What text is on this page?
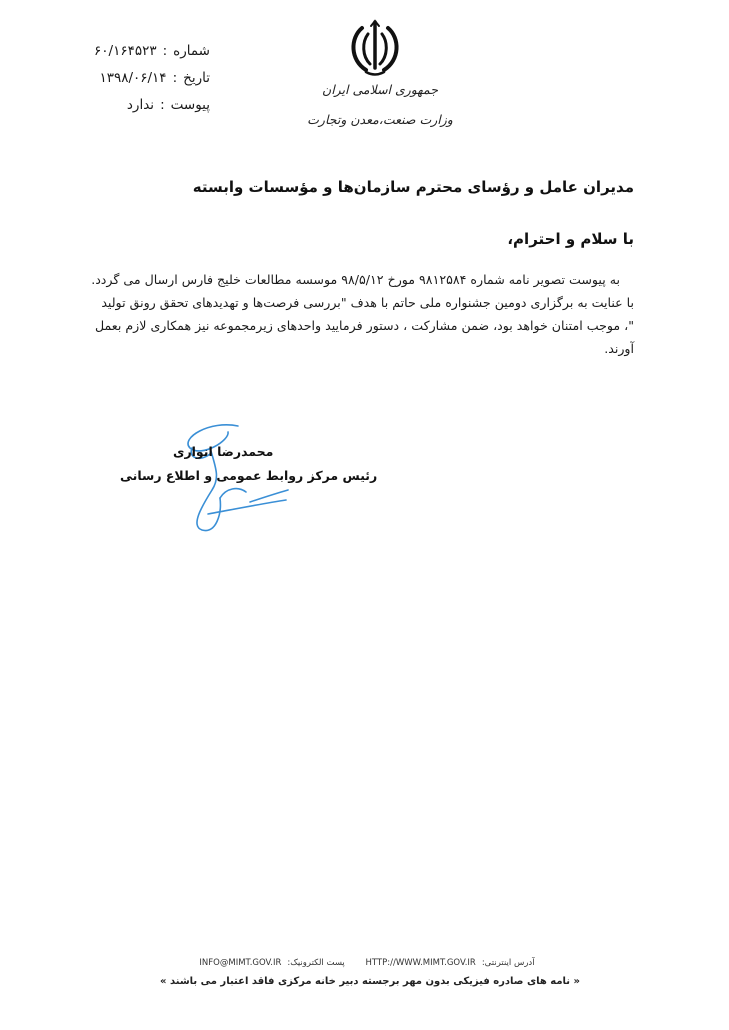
شماره
:
۶۰/۱۶۴۵۲۳
تاریخ
:
۱۳۹۸/۰۶/۱۴
پیوست
:
ندارد
جمهوری اسلامی ایران
وزارت صنعت،معدن وتجارت
مدیران عامل و رؤسای محترم سازمان‌ها و مؤسسات وابسته
با سلام و احترام،
به پیوست تصویر نامه شماره ۹۸۱۲۵۸۴ مورخ ۹۸/۵/۱۲ موسسه مطالعات خلیج فارس ارسال می گردد.
با عنایت به برگزاری دومین جشنواره ملی حاتم با هدف "بررسی فرصت‌ها و تهدیدهای تحقق رونق تولید
"، موجب امتنان خواهد بود، ضمن مشارکت ، دستور فرمایید واحدهای زیرمجموعه نیز همکاری لازم بعمل
آورند.
محمدرضا انواری
رئیس مرکز روابط عمومی و اطلاع رسانی
آدرس اینترنتی:HTTP://WWW.MIMT.GOV.IR پست الکترونیک:INFO@MIMT.GOV.IR
« نامه های صادره فیزیکی بدون مهر برجسته دبیر خانه مرکزی فاقد اعتبار می باشند »
